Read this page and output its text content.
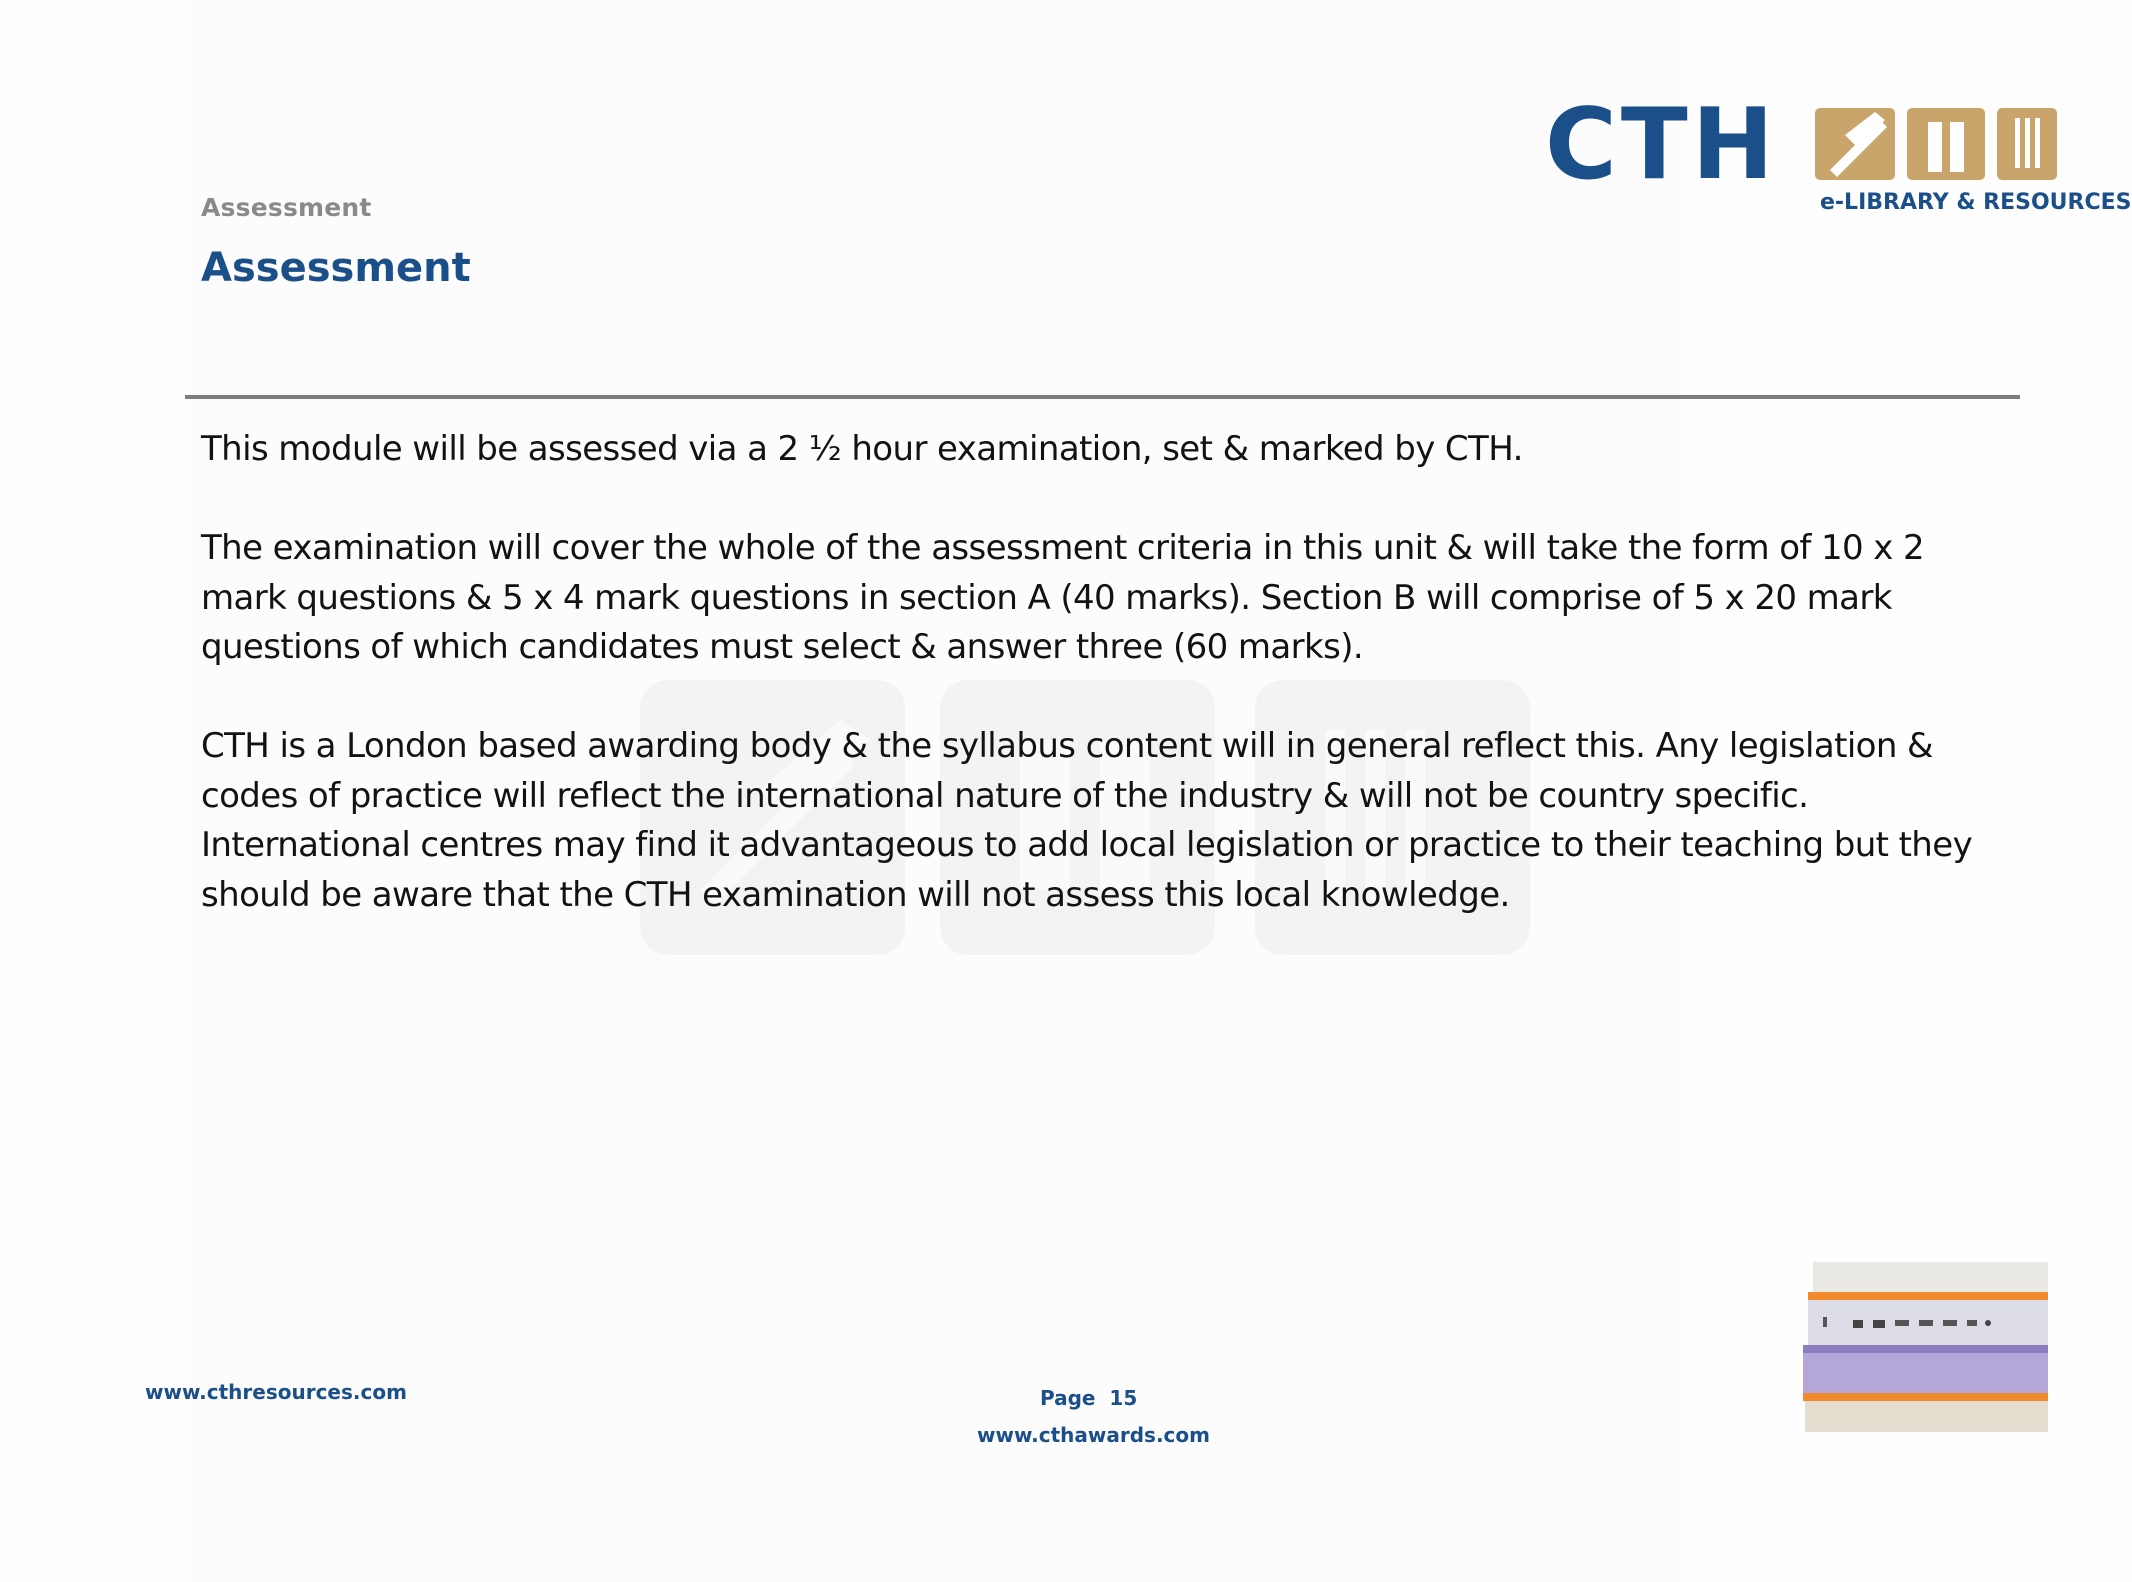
Assessment
Assessment
CTH
e-LIBRARY & RESOURCES

This module will be assessed via a 2 ½ hour examination, set & marked by CTH.

The examination will cover the whole of the assessment criteria in this unit & will take the form of 10 x 2 mark questions & 5 x 4 mark questions in section A (40 marks). Section B will comprise of 5 x 20 mark questions of which candidates must select & answer three (60 marks).

CTH is a London based awarding body & the syllabus content will in general reflect this. Any legislation & codes of practice will reflect the international nature of the industry & will not be country specific. International centres may find it advantageous to add local legislation or practice to their teaching but they should be aware that the CTH examination will not assess this local knowledge.

www.cthresources.com	Page  15
www.cthawards.com
